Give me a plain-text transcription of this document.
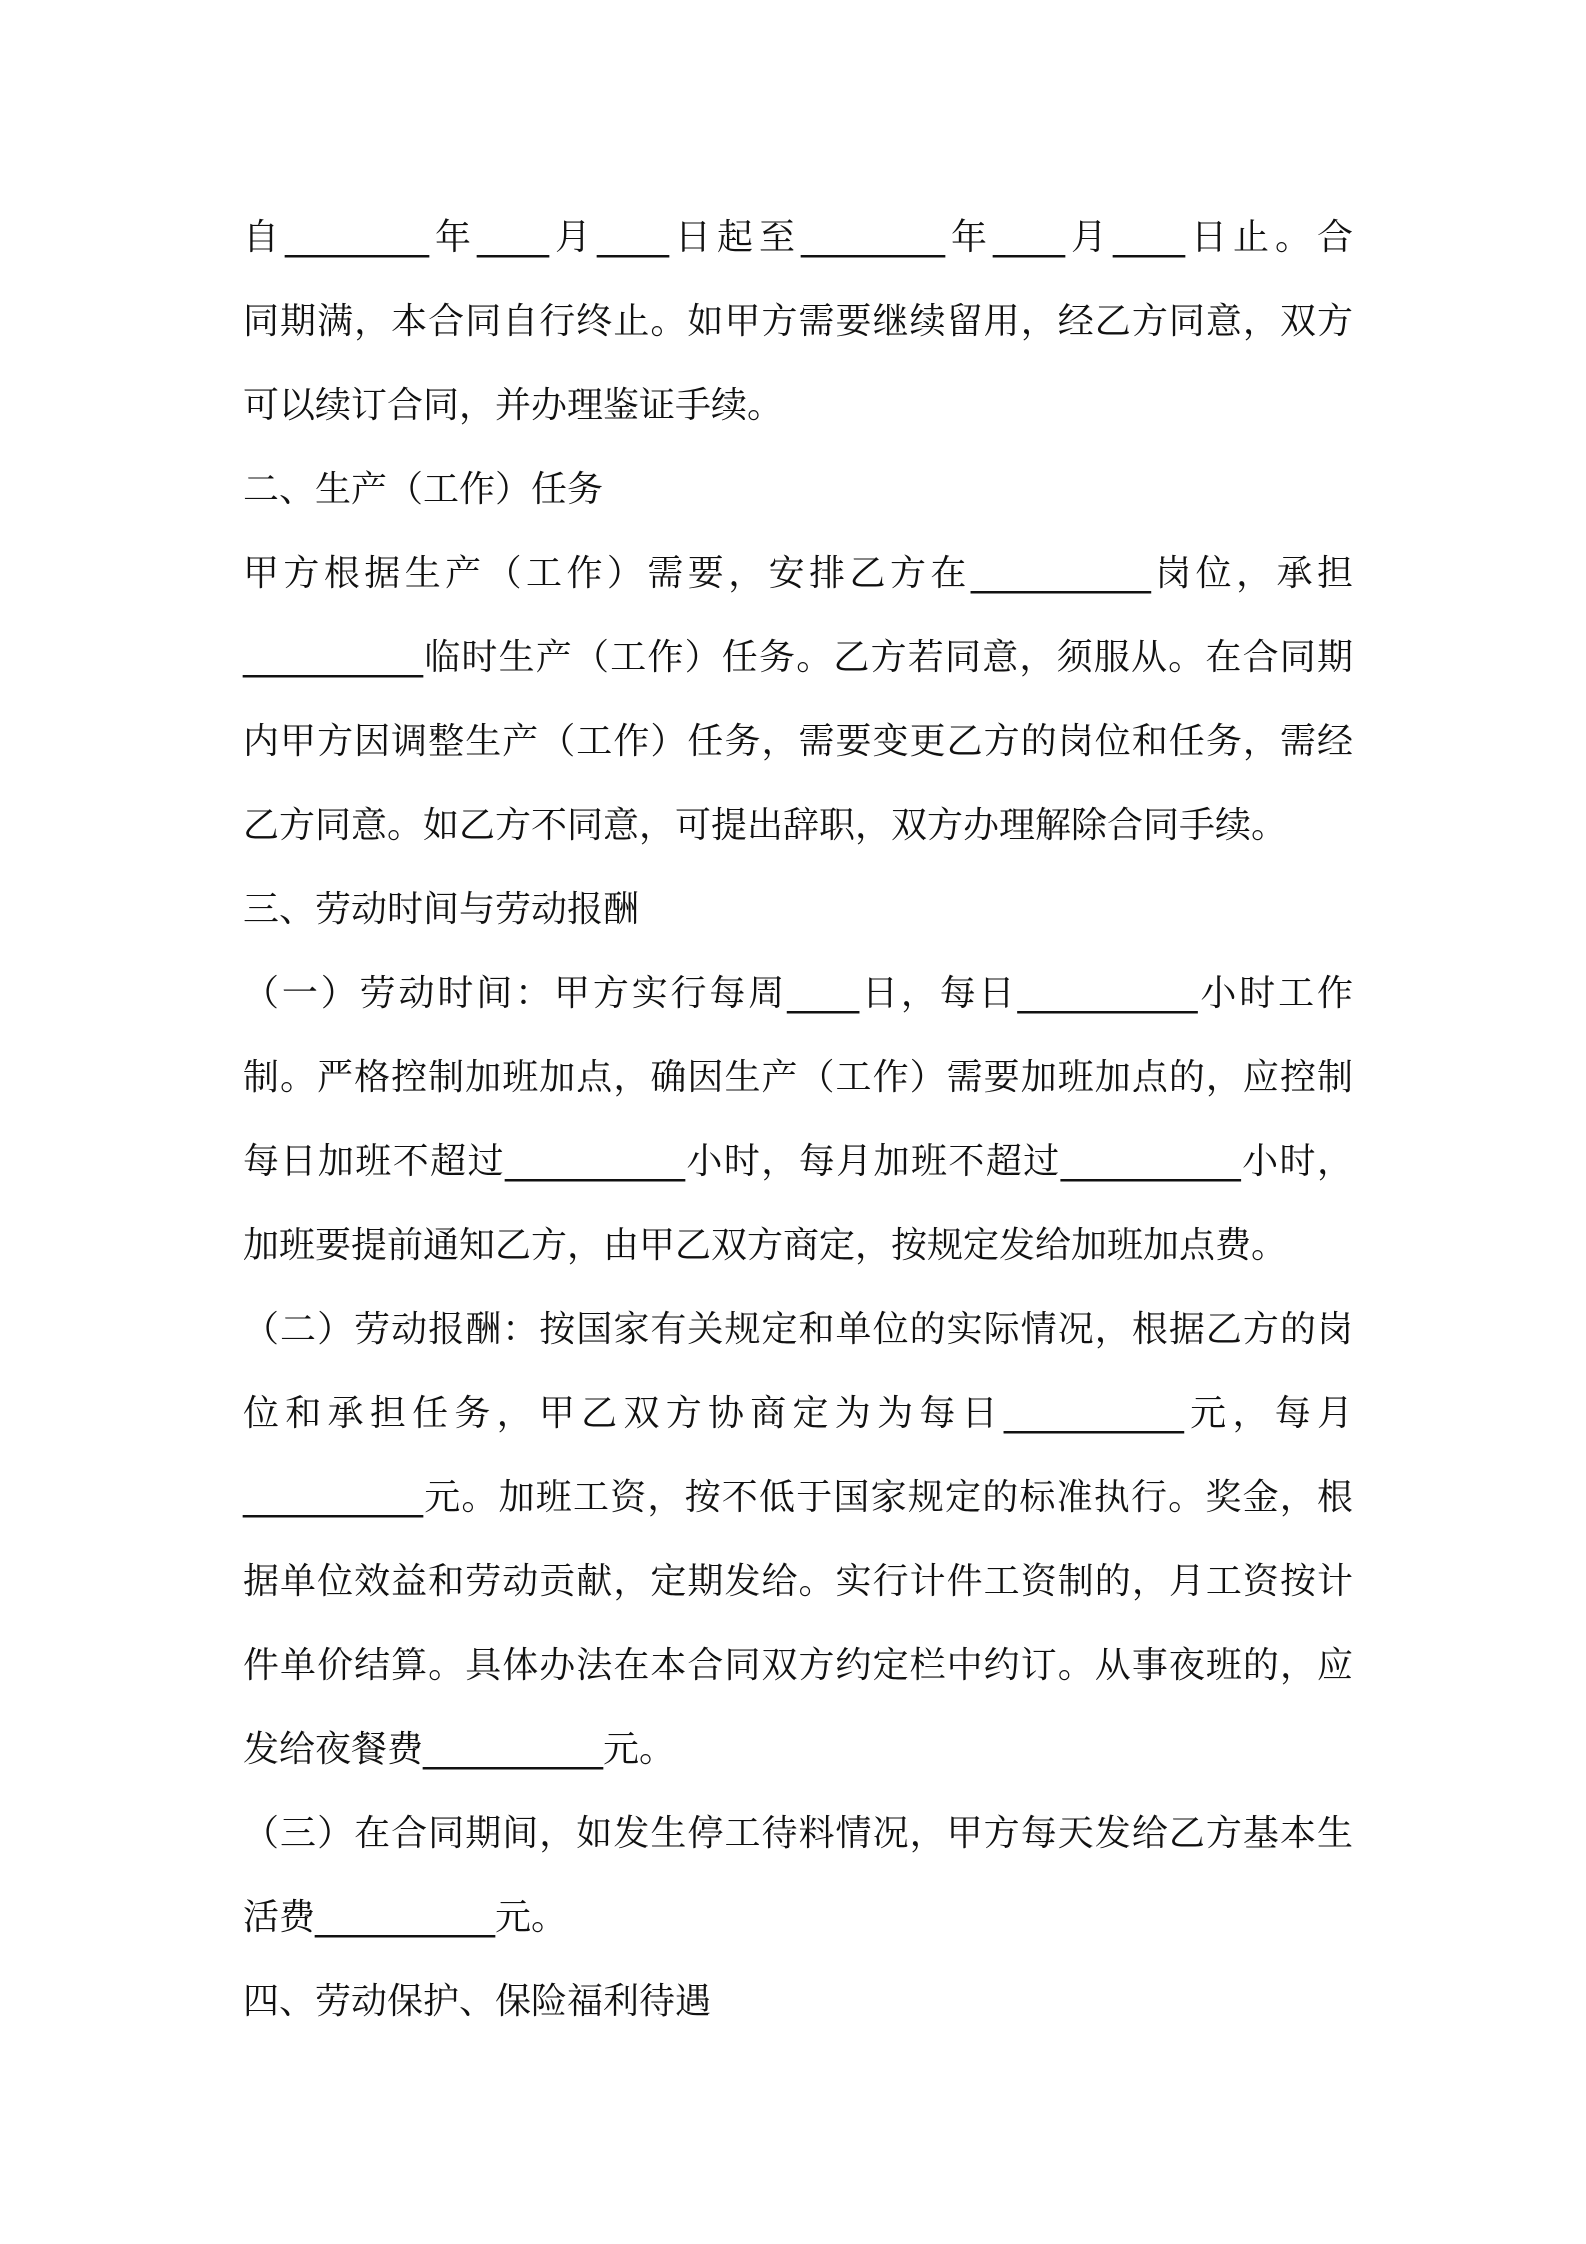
自________年____月____日起至________年____月____日止。合
同期满，本合同自行终止。如甲方需要继续留用，经乙方同意，双方
可以续订合同，并办理鉴证手续。
二、生产（工作）任务
甲方根据生产（工作）需要，安排乙方在__________岗位，承担
__________临时生产（工作）任务。乙方若同意，须服从。在合同期
内甲方因调整生产（工作）任务，需要变更乙方的岗位和任务，需经
乙方同意。如乙方不同意，可提出辞职，双方办理解除合同手续。
三、劳动时间与劳动报酬
（一）劳动时间：甲方实行每周____日，每日__________小时工作
制。严格控制加班加点，确因生产（工作）需要加班加点的，应控制
每日加班不超过__________小时，每月加班不超过__________小时，
加班要提前通知乙方，由甲乙双方商定，按规定发给加班加点费。
（二）劳动报酬：按国家有关规定和单位的实际情况，根据乙方的岗
位和承担任务，甲乙双方协商定为为每日__________元，每月
__________元。加班工资，按不低于国家规定的标准执行。奖金，根
据单位效益和劳动贡献，定期发给。实行计件工资制的，月工资按计
件单价结算。具体办法在本合同双方约定栏中约订。从事夜班的，应
发给夜餐费__________元。
（三）在合同期间，如发生停工待料情况，甲方每天发给乙方基本生
活费__________元。
四、劳动保护、保险福利待遇
